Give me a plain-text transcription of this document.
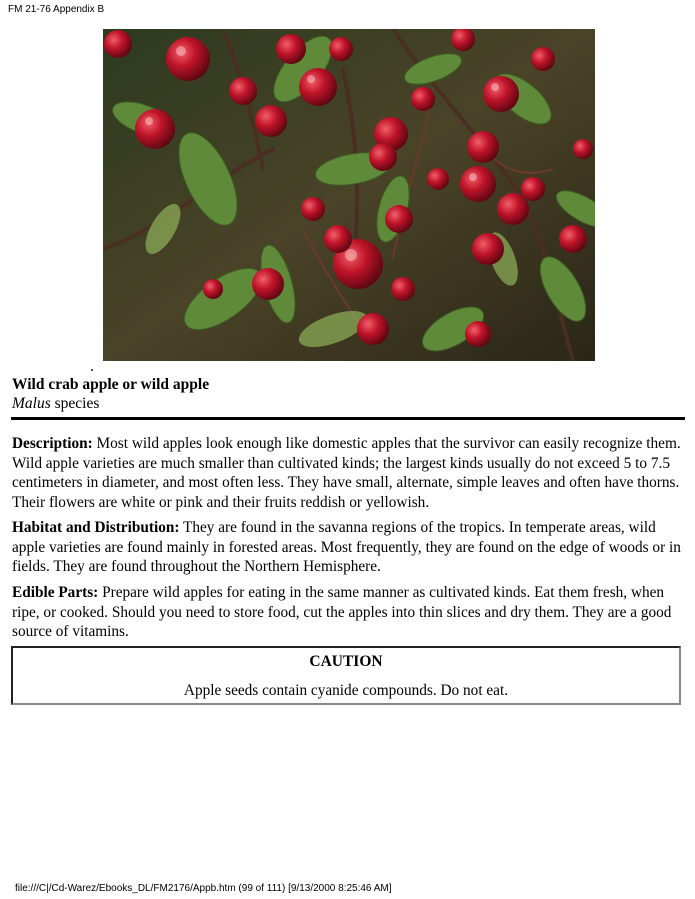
FM 21-76 Appendix B
Wild crab apple or wild apple
Malus species

Description: Most wild apples look enough like domestic apples that the survivor can easily recognize them. Wild apple varieties are much smaller than cultivated kinds; the largest kinds usually do not exceed 5 to 7.5 centimeters in diameter, and most often less. They have small, alternate, simple leaves and often have thorns. Their flowers are white or pink and their fruits reddish or yellowish.

Habitat and Distribution: They are found in the savanna regions of the tropics. In temperate areas, wild apple varieties are found mainly in forested areas. Most frequently, they are found on the edge of woods or in fields. They are found throughout the Northern Hemisphere.

Edible Parts: Prepare wild apples for eating in the same manner as cultivated kinds. Eat them fresh, when ripe, or cooked. Should you need to store food, cut the apples into thin slices and dry them. They are a good source of vitamins.

CAUTION
Apple seeds contain cyanide compounds. Do not eat.
file:///C|/Cd-Warez/Ebooks_DL/FM2176/Appb.htm (99 of 111) [9/13/2000 8:25:46 AM]
